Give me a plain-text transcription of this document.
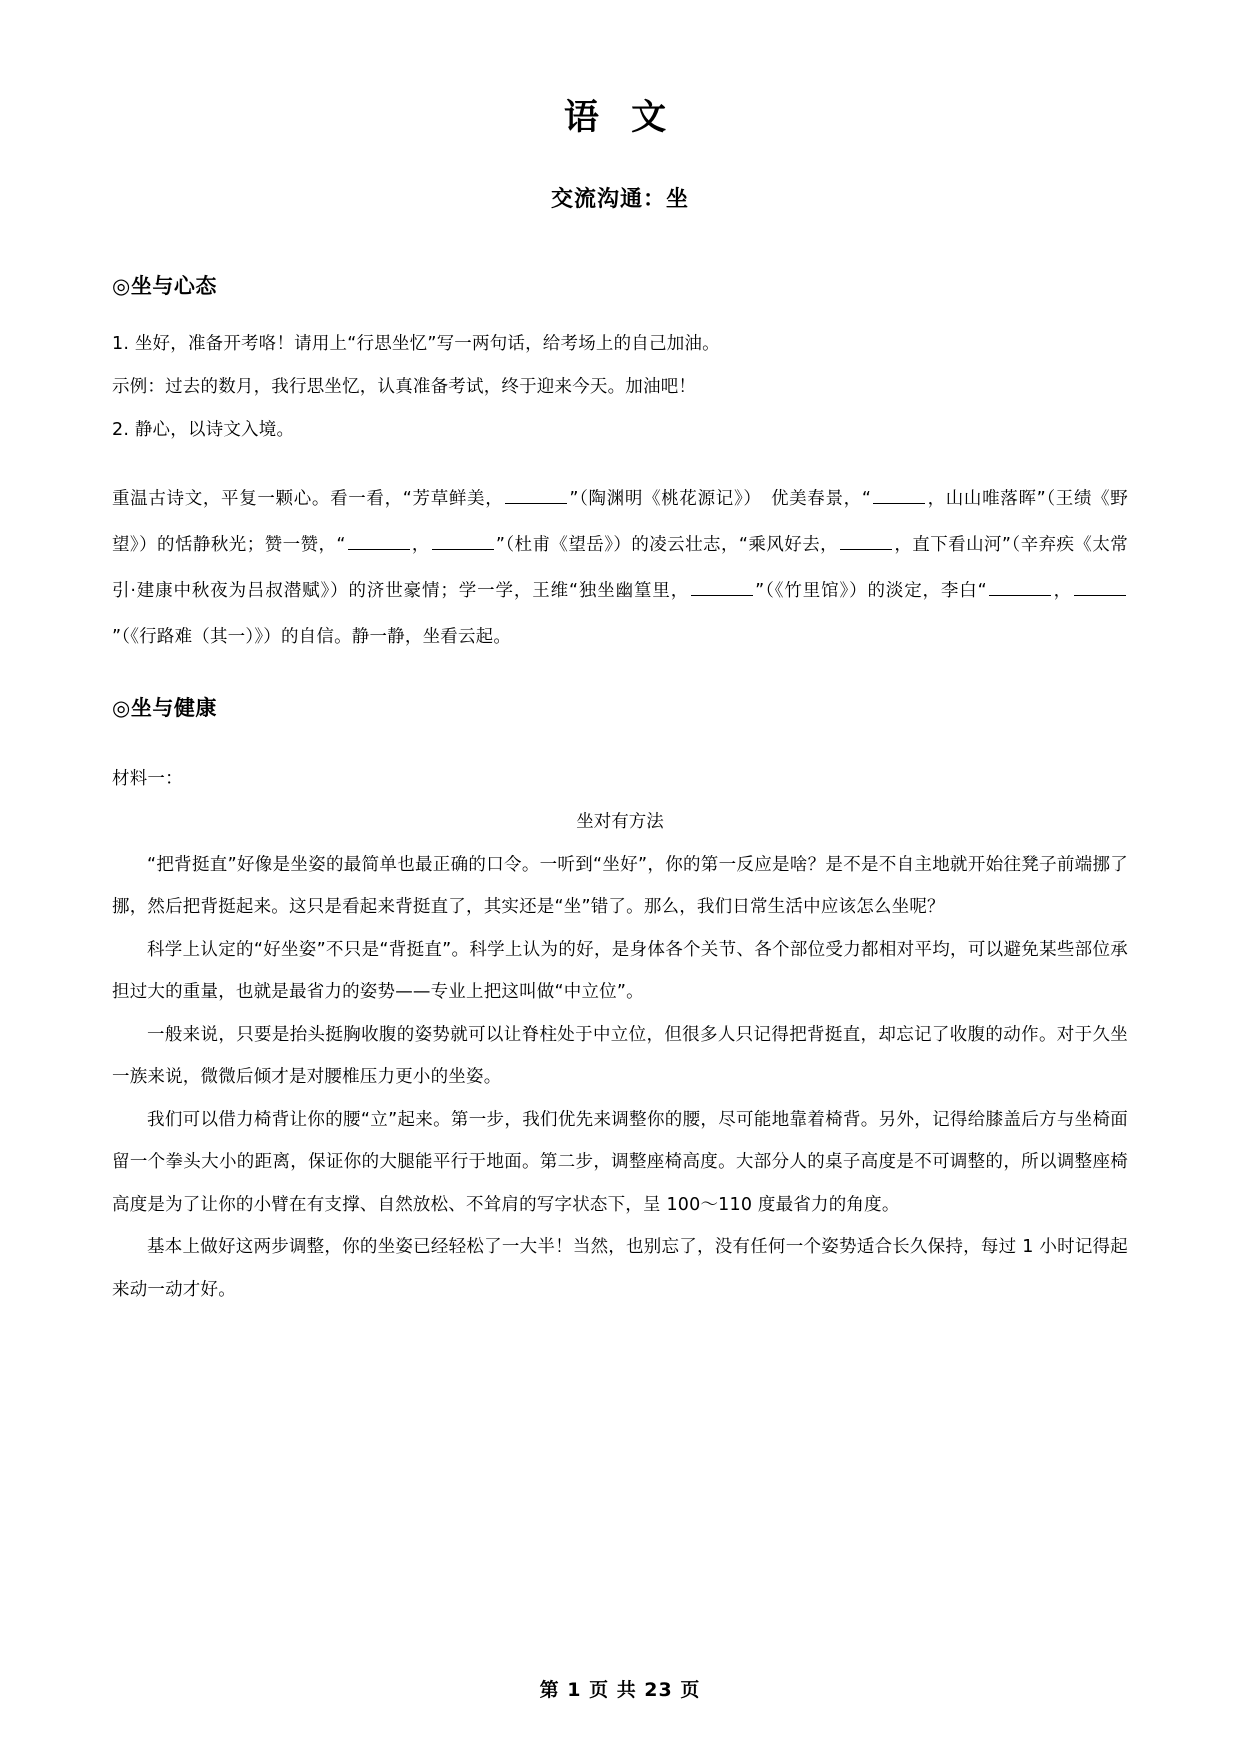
语 文
交流沟通：坐
◎坐与心态

1. 坐好，准备开考咯！请用上“行思坐忆”写一两句话，给考场上的自己加油。

示例：过去的数月，我行思坐忆，认真准备考试，终于迎来今天。加油吧！

2. 静心，以诗文入境。

重温古诗文，平复一颗心。看一看，“芳草鲜美，	”（陶渊明《桃花源记》）　优美春景，“	，山山唯落晖”（王绩《野望》）的恬静秋光；赞一赞，“	，	”（杜甫《望岳》）的凌云壮志，“乘风好去，	，直下看山河”（辛弃疾《太常引·建康中秋夜为吕叔潜赋》）的济世豪情；学一学，王维“独坐幽篁里，	”（《竹里馆》）的淡定，李白“	，”（《行路难（其一）》）的自信。静一静，坐看云起。

◎坐与健康

材料一：

坐对有方法

“把背挺直”好像是坐姿的最简单也最正确的口令。一听到“坐好”，你的第一反应是啥？是不是不自主地就开始往凳子前端挪了挪，然后把背挺起来。这只是看起来背挺直了，其实还是“坐”错了。那么，我们日常生活中应该怎么坐呢？

科学上认定的“好坐姿”不只是“背挺直”。科学上认为的好，是身体各个关节、各个部位受力都相对平均，可以避免某些部位承担过大的重量，也就是最省力的姿势——专业上把这叫做“中立位”。

一般来说，只要是抬头挺胸收腹的姿势就可以让脊柱处于中立位，但很多人只记得把背挺直，却忘记了收腹的动作。对于久坐一族来说，微微后倾才是对腰椎压力更小的坐姿。

我们可以借力椅背让你的腰“立”起来。第一步，我们优先来调整你的腰，尽可能地靠着椅背。另外，记得给膝盖后方与坐椅面留一个拳头大小的距离，保证你的大腿能平行于地面。第二步，调整座椅高度。大部分人的桌子高度是不可调整的，所以调整座椅高度是为了让你的小臂在有支撑、自然放松、不耸肩的写字状态下，呈 100～110 度最省力的角度。

基本上做好这两步调整，你的坐姿已经轻松了一大半！当然，也别忘了，没有任何一个姿势适合长久保持，每过 1 小时记得起来动一动才好。

第 1 页 共 23 页
